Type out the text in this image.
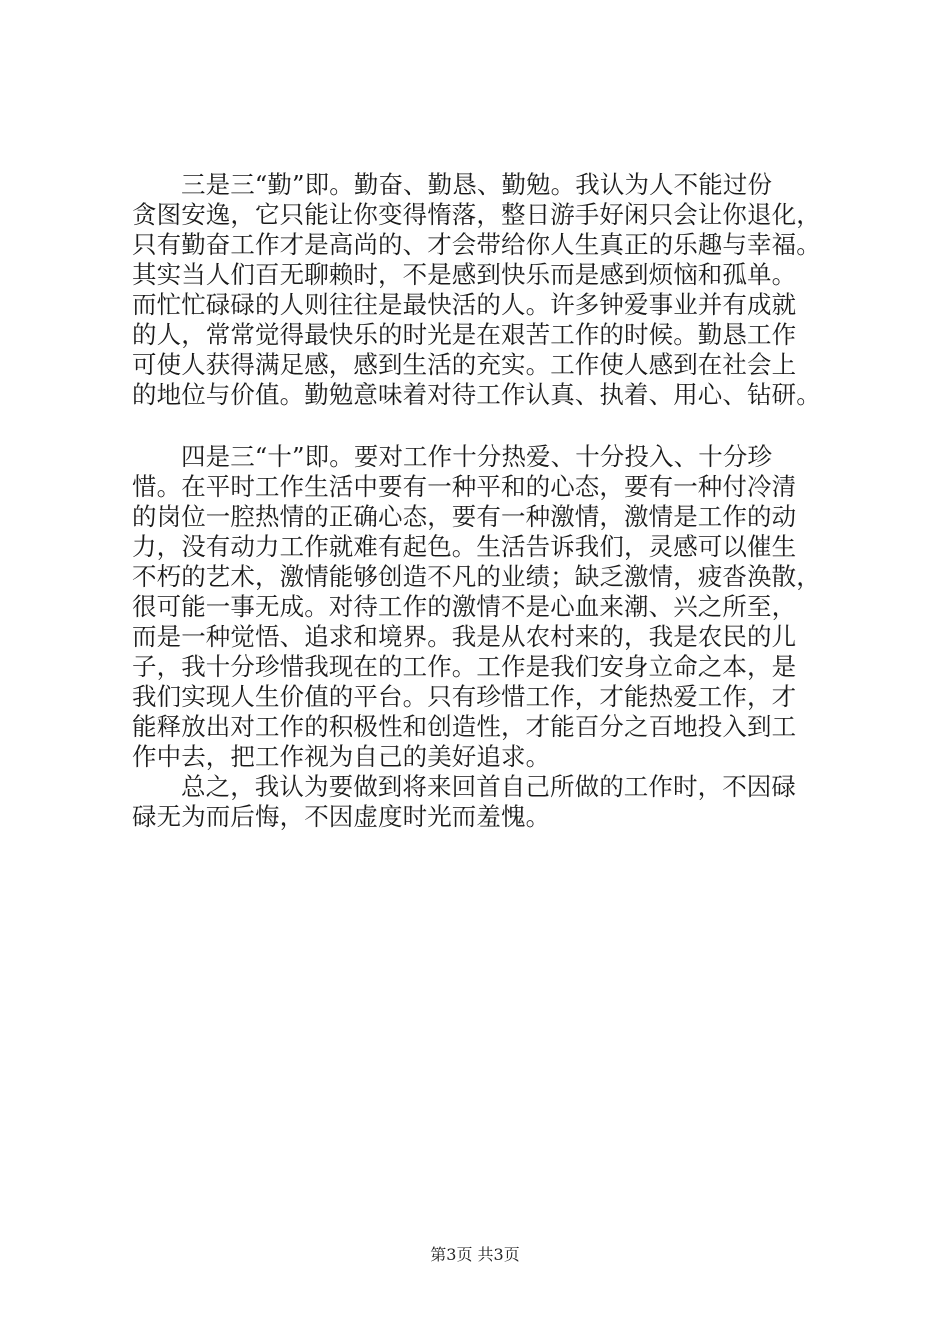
三是三“勤”即。勤奋、勤恳、勤勉。我认为人不能过份
贪图安逸，它只能让你变得惰落，整日游手好闲只会让你退化，
只有勤奋工作才是高尚的、才会带给你人生真正的乐趣与幸福。
其实当人们百无聊赖时，不是感到快乐而是感到烦恼和孤单。
而忙忙碌碌的人则往往是最快活的人。许多钟爱事业并有成就
的人，常常觉得最快乐的时光是在艰苦工作的时候。勤恳工作
可使人获得满足感，感到生活的充实。工作使人感到在社会上
的地位与价值。勤勉意味着对待工作认真、执着、用心、钻研。
四是三“十”即。要对工作十分热爱、十分投入、十分珍
惜。在平时工作生活中要有一种平和的心态，要有一种付冷清
的岗位一腔热情的正确心态，要有一种激情，激情是工作的动
力，没有动力工作就难有起色。生活告诉我们，灵感可以催生
不朽的艺术，激情能够创造不凡的业绩；缺乏激情，疲沓涣散，
很可能一事无成。对待工作的激情不是心血来潮、兴之所至，
而是一种觉悟、追求和境界。我是从农村来的，我是农民的儿
子，我十分珍惜我现在的工作。工作是我们安身立命之本，是
我们实现人生价值的平台。只有珍惜工作，才能热爱工作，才
能释放出对工作的积极性和创造性，才能百分之百地投入到工
作中去，把工作视为自己的美好追求。
总之，我认为要做到将来回首自己所做的工作时，不因碌
碌无为而后悔，不因虚度时光而羞愧。
第3页 共3页
